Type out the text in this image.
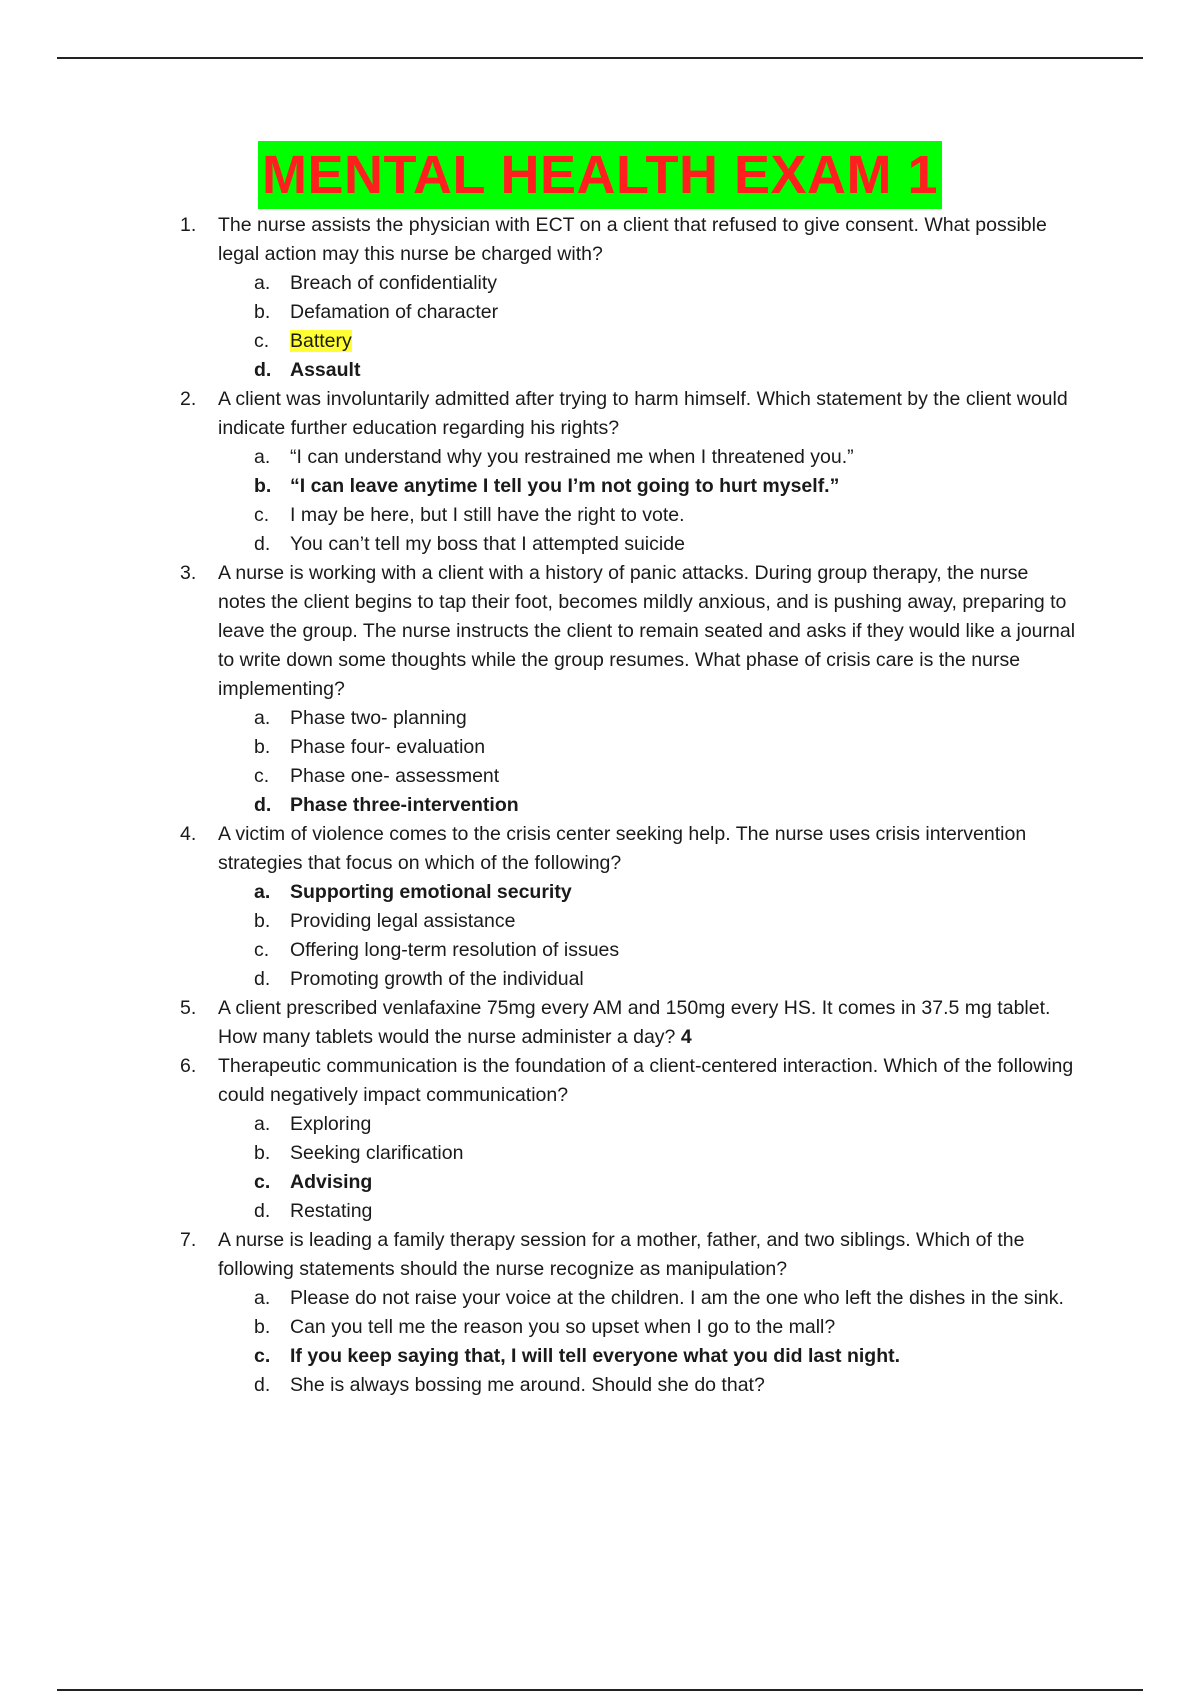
MENTAL HEALTH EXAM 1
1. The nurse assists the physician with ECT on a client that refused to give consent. What possible legal action may this nurse be charged with?
a. Breach of confidentiality
b. Defamation of character
c. Battery
d. Assault
2. A client was involuntarily admitted after trying to harm himself. Which statement by the client would indicate further education regarding his rights?
a. “I can understand why you restrained me when I threatened you.”
b. “I can leave anytime I tell you I’m not going to hurt myself.”
c. I may be here, but I still have the right to vote.
d. You can’t tell my boss that I attempted suicide
3. A nurse is working with a client with a history of panic attacks. During group therapy, the nurse notes the client begins to tap their foot, becomes mildly anxious, and is pushing away, preparing to leave the group. The nurse instructs the client to remain seated and asks if they would like a journal to write down some thoughts while the group resumes. What phase of crisis care is the nurse implementing?
a. Phase two- planning
b. Phase four- evaluation
c. Phase one- assessment
d. Phase three-intervention
4. A victim of violence comes to the crisis center seeking help. The nurse uses crisis intervention strategies that focus on which of the following?
a. Supporting emotional security
b. Providing legal assistance
c. Offering long-term resolution of issues
d. Promoting growth of the individual
5. A client prescribed venlafaxine 75mg every AM and 150mg every HS. It comes in 37.5 mg tablet. How many tablets would the nurse administer a day? 4
6. Therapeutic communication is the foundation of a client-centered interaction. Which of the following could negatively impact communication?
a. Exploring
b. Seeking clarification
c. Advising
d. Restating
7. A nurse is leading a family therapy session for a mother, father, and two siblings. Which of the following statements should the nurse recognize as manipulation?
a. Please do not raise your voice at the children. I am the one who left the dishes in the sink.
b. Can you tell me the reason you so upset when I go to the mall?
c. If you keep saying that, I will tell everyone what you did last night.
d. She is always bossing me around. Should she do that?
